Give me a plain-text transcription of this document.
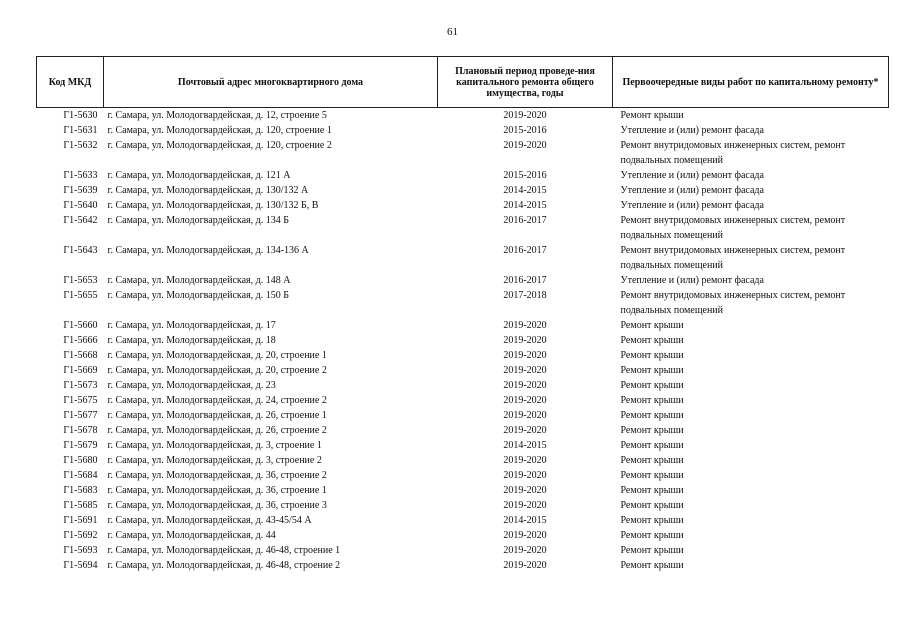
61
Код МКД	Почтовый адрес многоквартирного дома	Плановый период проведе-ния капитального ремонта общего имущества, годы	Первоочередные виды работ по капитальному ремонту*
Г1-5630	г. Самара, ул. Молодогвардейская, д. 12, строение 5	2019-2020	Ремонт крыши
Г1-5631	г. Самара, ул. Молодогвардейская, д. 120, строение 1	2015-2016	Утепление и (или) ремонт фасада
Г1-5632	г. Самара, ул. Молодогвардейская, д. 120, строение 2	2019-2020	Ремонт внутридомовых инженерных систем, ремонт подвальных помещений
Г1-5633	г. Самара, ул. Молодогвардейская, д. 121 А	2015-2016	Утепление и (или) ремонт фасада
Г1-5639	г. Самара, ул. Молодогвардейская, д. 130/132 А	2014-2015	Утепление и (или) ремонт фасада
Г1-5640	г. Самара, ул. Молодогвардейская, д. 130/132 Б, В	2014-2015	Утепление и (или) ремонт фасада
Г1-5642	г. Самара, ул. Молодогвардейская, д. 134 Б	2016-2017	Ремонт внутридомовых инженерных систем, ремонт подвальных помещений
Г1-5643	г. Самара, ул. Молодогвардейская, д. 134-136 А	2016-2017	Ремонт внутридомовых инженерных систем, ремонт подвальных помещений
Г1-5653	г. Самара, ул. Молодогвардейская, д. 148 А	2016-2017	Утепление и (или) ремонт фасада
Г1-5655	г. Самара, ул. Молодогвардейская, д. 150 Б	2017-2018	Ремонт внутридомовых инженерных систем, ремонт подвальных помещений
Г1-5660	г. Самара, ул. Молодогвардейская, д. 17	2019-2020	Ремонт крыши
Г1-5666	г. Самара, ул. Молодогвардейская, д. 18	2019-2020	Ремонт крыши
Г1-5668	г. Самара, ул. Молодогвардейская, д. 20, строение 1	2019-2020	Ремонт крыши
Г1-5669	г. Самара, ул. Молодогвардейская, д. 20, строение 2	2019-2020	Ремонт крыши
Г1-5673	г. Самара, ул. Молодогвардейская, д. 23	2019-2020	Ремонт крыши
Г1-5675	г. Самара, ул. Молодогвардейская, д. 24, строение 2	2019-2020	Ремонт крыши
Г1-5677	г. Самара, ул. Молодогвардейская, д. 26, строение 1	2019-2020	Ремонт крыши
Г1-5678	г. Самара, ул. Молодогвардейская, д. 26, строение 2	2019-2020	Ремонт крыши
Г1-5679	г. Самара, ул. Молодогвардейская, д. 3, строение 1	2014-2015	Ремонт крыши
Г1-5680	г. Самара, ул. Молодогвардейская, д. 3, строение 2	2019-2020	Ремонт крыши
Г1-5684	г. Самара, ул. Молодогвардейская, д. 36, строение 2	2019-2020	Ремонт крыши
Г1-5683	г. Самара, ул. Молодогвардейская, д. 36, строение 1	2019-2020	Ремонт крыши
Г1-5685	г. Самара, ул. Молодогвардейская, д. 36, строение 3	2019-2020	Ремонт крыши
Г1-5691	г. Самара, ул. Молодогвардейская, д. 43-45/54 А	2014-2015	Ремонт крыши
Г1-5692	г. Самара, ул. Молодогвардейская, д. 44	2019-2020	Ремонт крыши
Г1-5693	г. Самара, ул. Молодогвардейская, д. 46-48, строение 1	2019-2020	Ремонт крыши
Г1-5694	г. Самара, ул. Молодогвардейская, д. 46-48, строение 2	2019-2020	Ремонт крыши
